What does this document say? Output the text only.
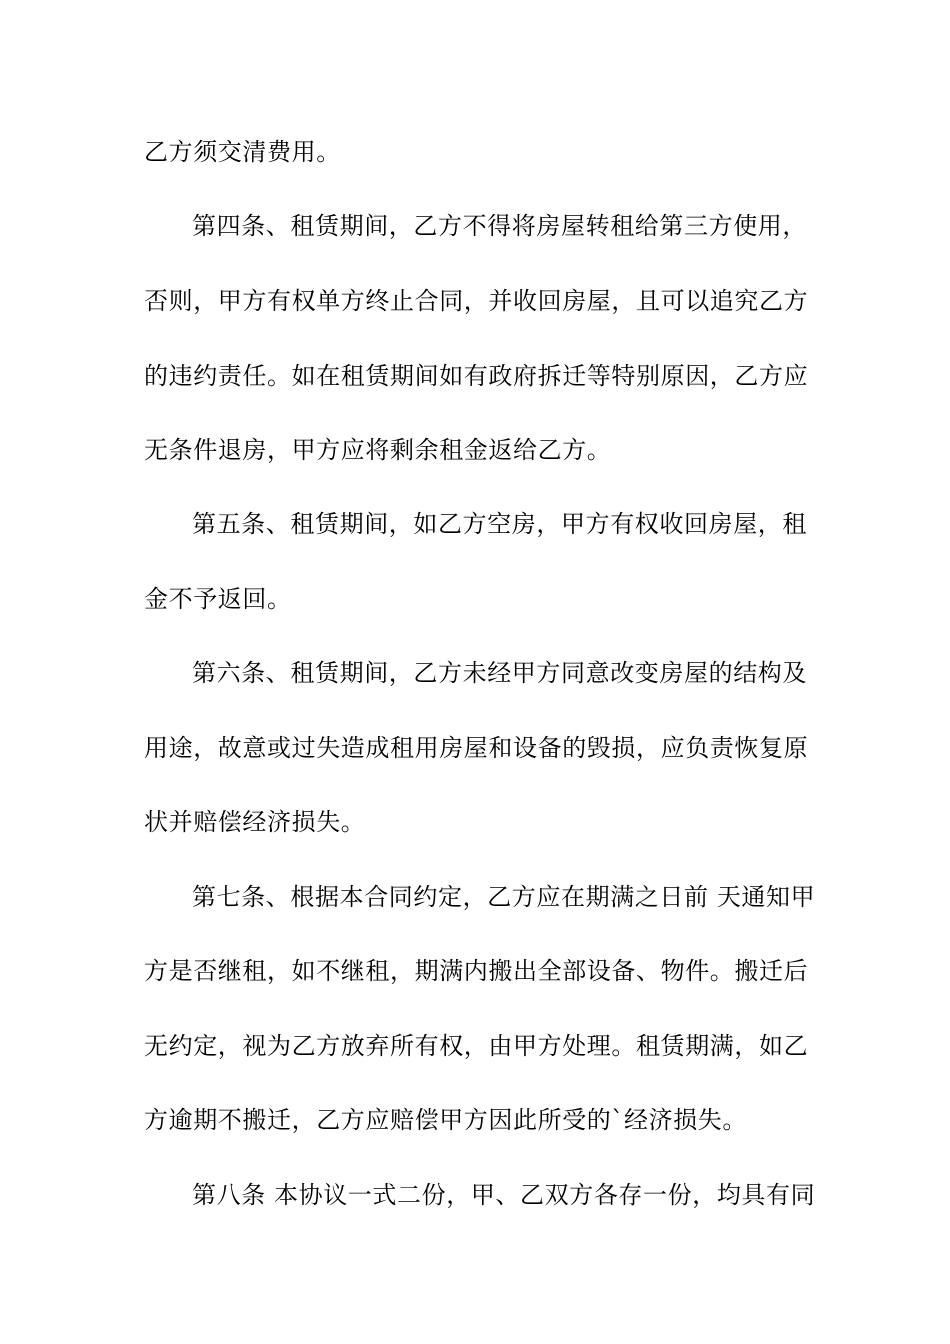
乙方须交清费用。
第四条、租赁期间，乙方不得将房屋转租给第三方使用，
否则，甲方有权单方终止合同，并收回房屋，且可以追究乙方
的违约责任。如在租赁期间如有政府拆迁等特别原因，乙方应
无条件退房，甲方应将剩余租金返给乙方。
第五条、租赁期间，如乙方空房，甲方有权收回房屋，租
金不予返回。
第六条、租赁期间，乙方未经甲方同意改变房屋的结构及
用途，故意或过失造成租用房屋和设备的毁损，应负责恢复原
状并赔偿经济损失。
第七条、根据本合同约定，乙方应在期满之日前 天通知甲
方是否继租，如不继租，期满内搬出全部设备、物件。搬迁后
无约定，视为乙方放弃所有权，由甲方处理。租赁期满，如乙
方逾期不搬迁，乙方应赔偿甲方因此所受的`经济损失。
第八条 本协议一式二份，甲、乙双方各存一份，均具有同
